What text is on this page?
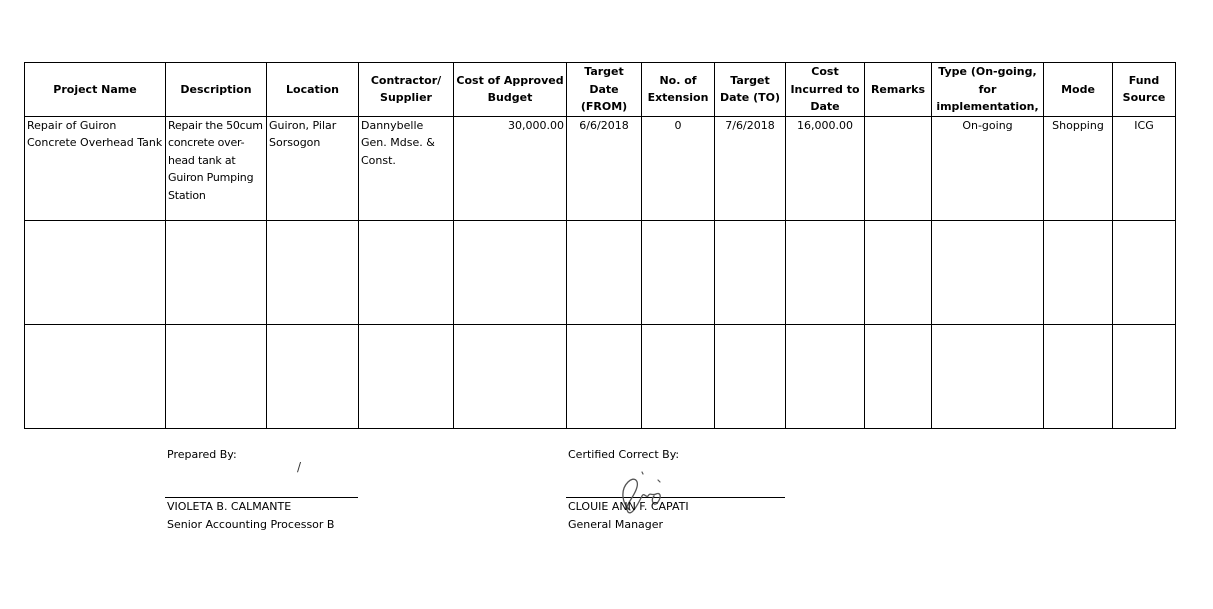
Project Name	Description	Location	Contractor/ Supplier	Cost of Approved Budget	Target Date (FROM)	No. of Extension	Target Date (TO)	Cost Incurred to Date	Remarks	Type (On-going, for implementation,	Mode	Fund Source
Repair of Guiron Concrete Overhead Tank	Repair the 50cum concrete over-head tank at Guiron Pumping Station	Guiron, Pilar Sorsogon	Dannybelle Gen. Mdse. & Const.	30,000.00	6/6/2018	0	7/6/2018	16,000.00		On-going	Shopping	ICG

Prepared By:
/
VIOLETA B. CALMANTE
Senior Accounting Processor B
Certified Correct By:
CLOUIE ANN F. CAPATI
General Manager
